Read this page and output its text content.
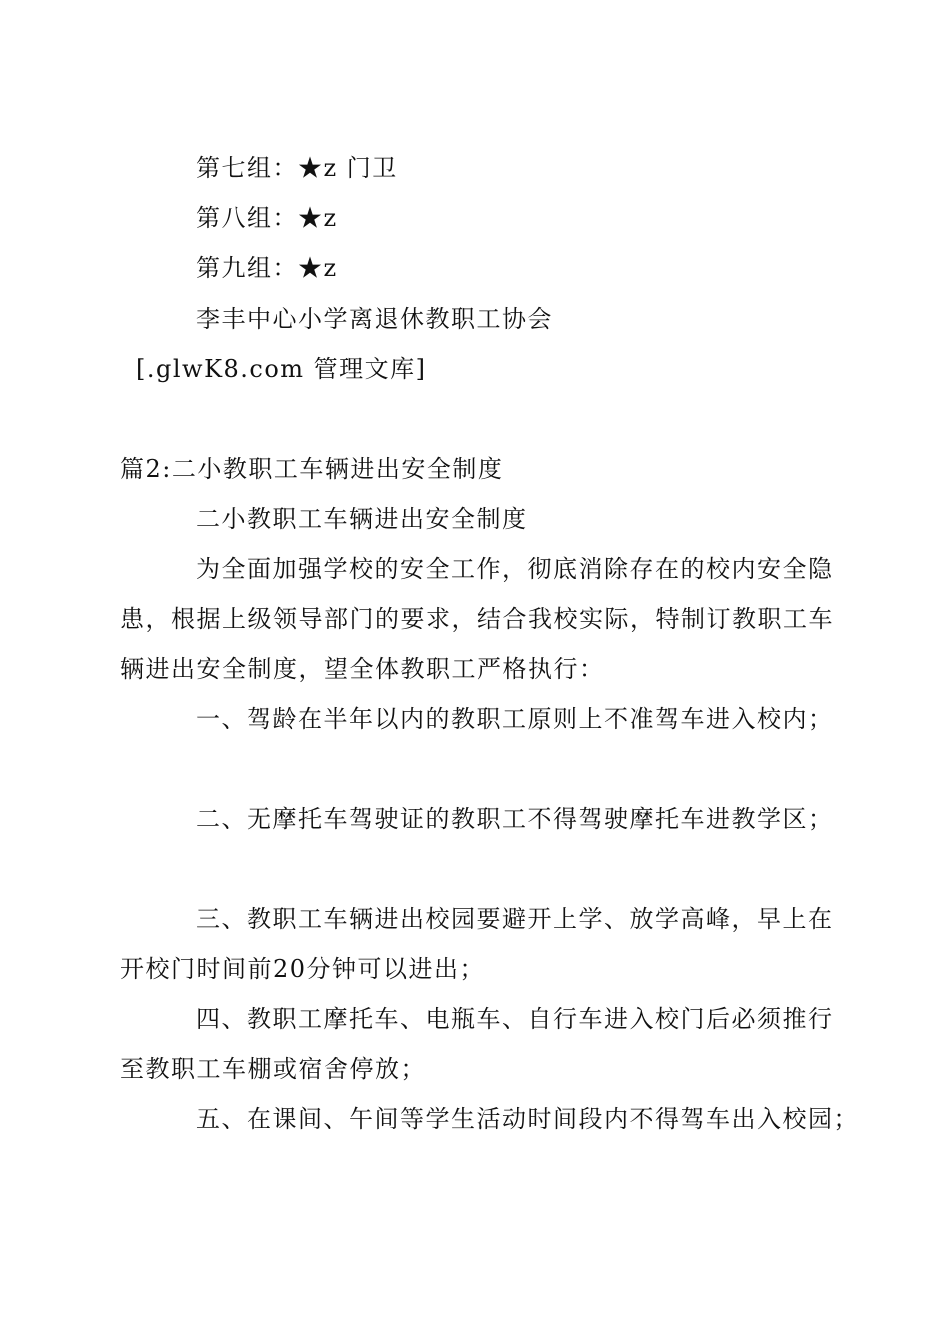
第七组：★z 门卫
第八组：★z
第九组：★z
李丰中心小学离退休教职工协会
[.glwK8.com 管理文库]
篇2:二小教职工车辆进出安全制度
二小教职工车辆进出安全制度
为全面加强学校的安全工作，彻底消除存在的校内安全隐
患，根据上级领导部门的要求，结合我校实际，特制订教职工车
辆进出安全制度，望全体教职工严格执行：
一、驾龄在半年以内的教职工原则上不准驾车进入校内；
二、无摩托车驾驶证的教职工不得驾驶摩托车进教学区；
三、教职工车辆进出校园要避开上学、放学高峰，早上在
开校门时间前20分钟可以进出；
四、教职工摩托车、电瓶车、自行车进入校门后必须推行
至教职工车棚或宿舍停放；
五、在课间、午间等学生活动时间段内不得驾车出入校园；
